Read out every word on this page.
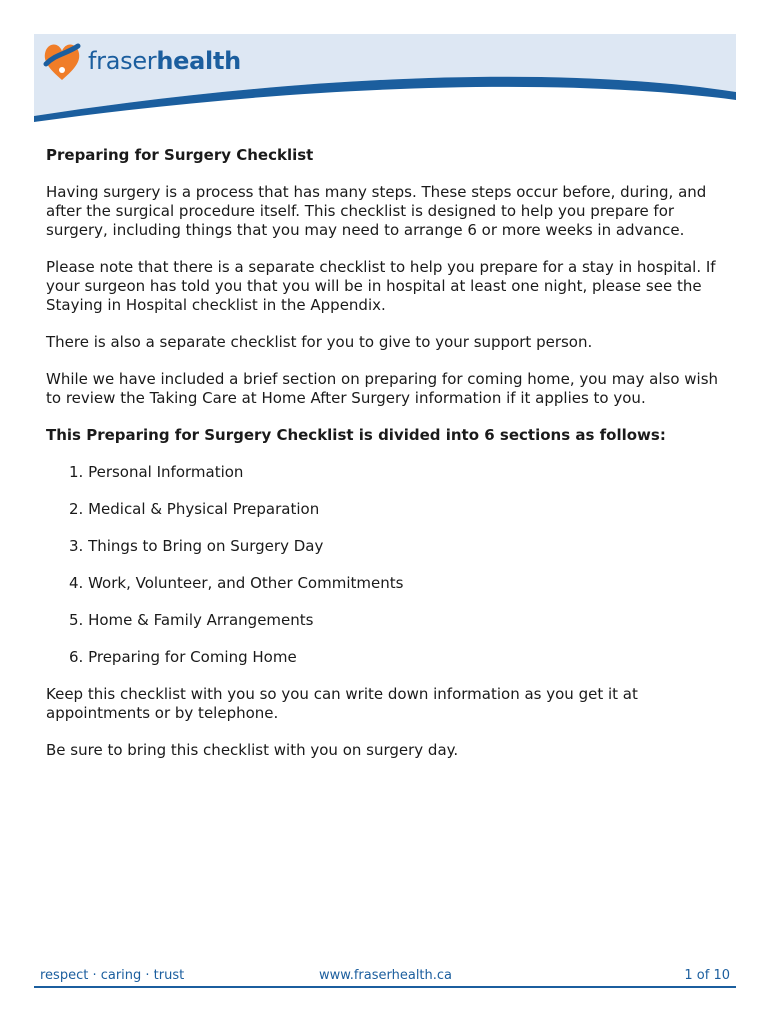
fraserhealth

Preparing for Surgery Checklist

Having surgery is a process that has many steps. These steps occur before, during, and after the surgical procedure itself. This checklist is designed to help you prepare for surgery, including things that you may need to arrange 6 or more weeks in advance.

Please note that there is a separate checklist to help you prepare for a stay in hospital. If your surgeon has told you that you will be in hospital at least one night, please see the Staying in Hospital checklist in the Appendix.

There is also a separate checklist for you to give to your support person.

While we have included a brief section on preparing for coming home, you may also wish to review the Taking Care at Home After Surgery information if it applies to you.

This Preparing for Surgery Checklist is divided into 6 sections as follows:

1. Personal Information
2. Medical & Physical Preparation
3. Things to Bring on Surgery Day
4. Work, Volunteer, and Other Commitments
5. Home & Family Arrangements
6. Preparing for Coming Home

Keep this checklist with you so you can write down information as you get it at appointments or by telephone.

Be sure to bring this checklist with you on surgery day.

respect · caring · trust	www.fraserhealth.ca	1 of 10
